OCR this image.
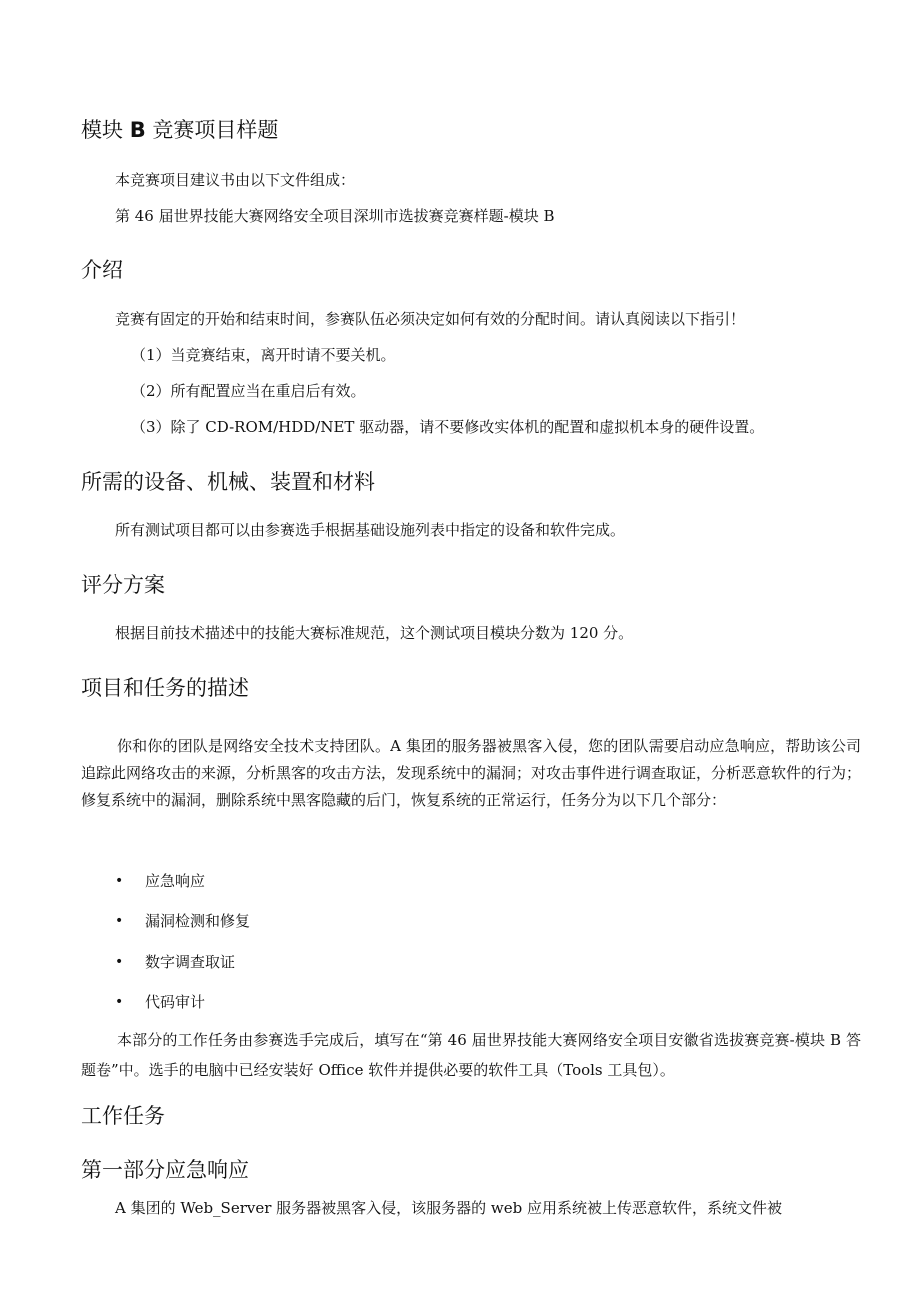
模块 B 竞赛项目样题

本竞赛项目建议书由以下文件组成：

第 46 届世界技能大赛网络安全项目深圳市选拔赛竞赛样题-模块 B

介绍

竞赛有固定的开始和结束时间，参赛队伍必须决定如何有效的分配时间。请认真阅读以下指引！

（1）当竞赛结束，离开时请不要关机。

（2）所有配置应当在重启后有效。

（3）除了 CD-ROM/HDD/NET 驱动器，请不要修改实体机的配置和虚拟机本身的硬件设置。

所需的设备、机械、装置和材料

所有测试项目都可以由参赛选手根据基础设施列表中指定的设备和软件完成。

评分方案

根据目前技术描述中的技能大赛标准规范，这个测试项目模块分数为 120 分。

项目和任务的描述

你和你的团队是网络安全技术支持团队。A 集团的服务器被黑客入侵，您的团队需要启动应急响应，帮助该公司追踪此网络攻击的来源，分析黑客的攻击方法，发现系统中的漏洞；对攻击事件进行调查取证，分析恶意软件的行为；修复系统中的漏洞，删除系统中黑客隐藏的后门，恢复系统的正常运行，任务分为以下几个部分：

• 应急响应
• 漏洞检测和修复
• 数字调查取证
• 代码审计

本部分的工作任务由参赛选手完成后，填写在“第 46 届世界技能大赛网络安全项目安徽省选拔赛竞赛-模块 B 答题卷”中。选手的电脑中已经安装好 Office 软件并提供必要的软件工具（Tools 工具包）。

工作任务
第一部分应急响应

A 集团的 Web_Server 服务器被黑客入侵，该服务器的 web 应用系统被上传恶意软件，系统文件被
